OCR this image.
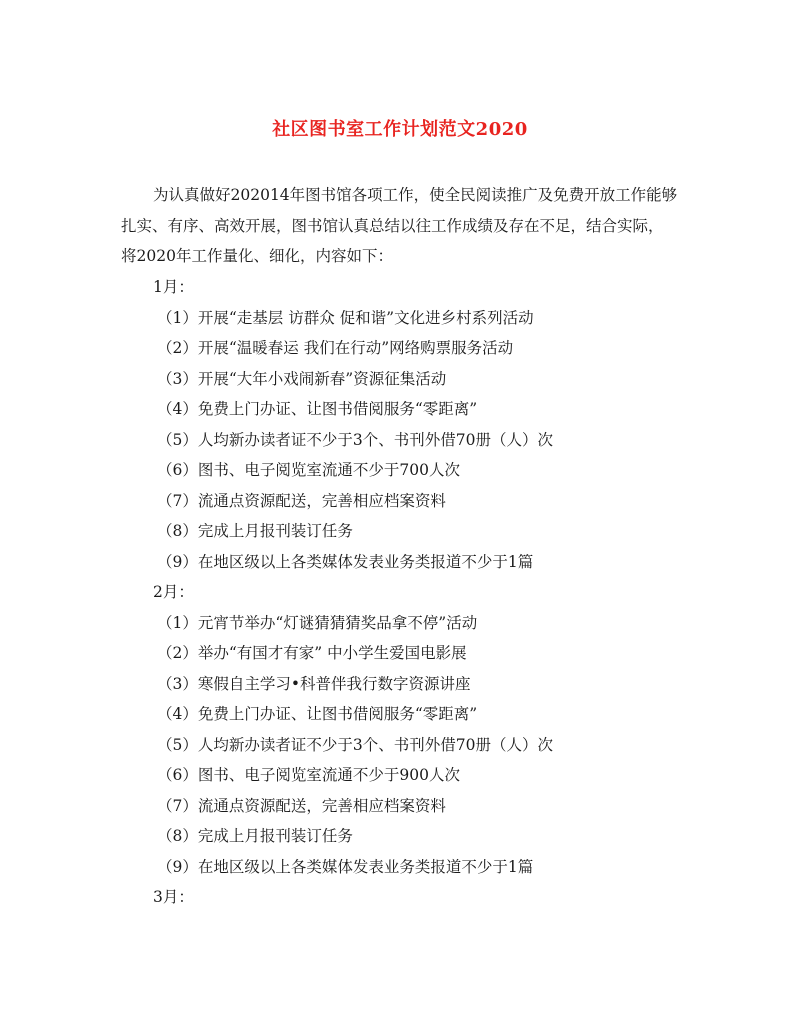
社区图书室工作计划范文2020
为认真做好202014年图书馆各项工作，使全民阅读推广及免费开放工作能够
扎实、有序、高效开展，图书馆认真总结以往工作成绩及存在不足，结合实际，
将2020年工作量化、细化，内容如下：
1月：
（1）开展“走基层 访群众 促和谐”文化进乡村系列活动
（2）开展“温暖春运 我们在行动”网络购票服务活动
（3）开展“大年小戏闹新春”资源征集活动
（4）免费上门办证、让图书借阅服务“零距离”
（5）人均新办读者证不少于3个、书刊外借70册（人）次
（6）图书、电子阅览室流通不少于700人次
（7）流通点资源配送，完善相应档案资料
（8）完成上月报刊装订任务
（9）在地区级以上各类媒体发表业务类报道不少于1篇
2月：
（1）元宵节举办“灯谜猜猜猜奖品拿不停”活动
（2）举办“有国才有家” 中小学生爱国电影展
（3）寒假自主学习•科普伴我行数字资源讲座
（4）免费上门办证、让图书借阅服务“零距离”
（5）人均新办读者证不少于3个、书刊外借70册（人）次
（6）图书、电子阅览室流通不少于900人次
（7）流通点资源配送，完善相应档案资料
（8）完成上月报刊装订任务
（9）在地区级以上各类媒体发表业务类报道不少于1篇
3月：
